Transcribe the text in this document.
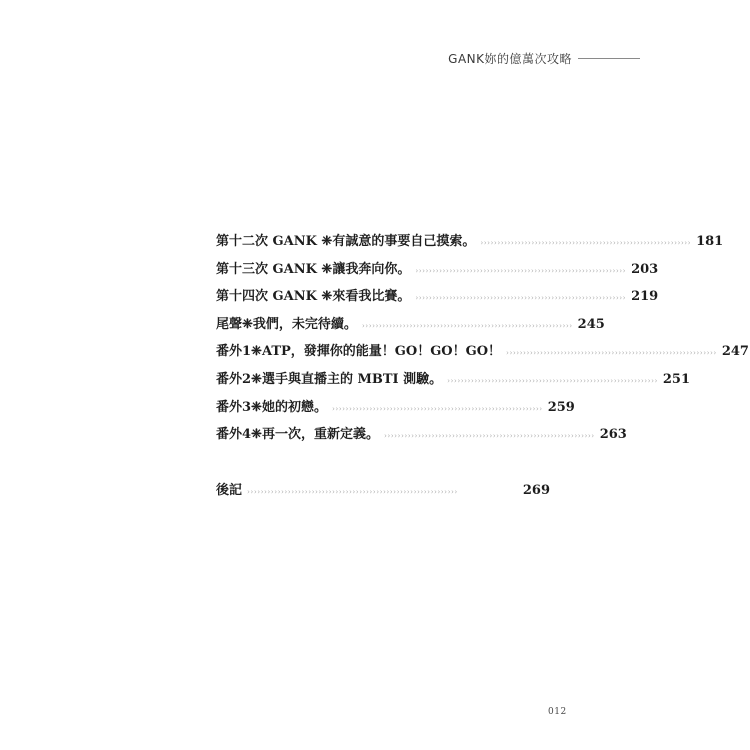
GANK妳的億萬次攻略
第十二次 GANK ❈有誠意的事要自己摸索。 ›››››››››››››››››››››››››››››››››››››››››››››››››››››››››››››› 181
第十三次 GANK ❈讓我奔向你。 ›››››››››››››››››››››››››››››››››››››››››››››››››››››››››››››› 203
第十四次 GANK ❈來看我比賽。 ›››››››››››››››››››››››››››››››››››››››››››››››››››››››››››››› 219
尾聲❈我們，未完待續。 ›››››››››››››››››››››››››››››››››››››››››››››››››››››››››››››› 245
番外1❈ATP，發揮你的能量！GO！GO！GO！ ›››››››››››››››››››››››››››››››››››››››››››››››››››››››››››››› 247
番外2❈選手與直播主的 MBTI 測驗。 ›››››››››››››››››››››››››››››››››››››››››››››››››››››››››››››› 251
番外3❈她的初戀。 ›››››››››››››››››››››››››››››››››››››››››››››››››››››››››››››› 259
番外4❈再一次，重新定義。 ›››››››››››››››››››››››››››››››››››››››››››››››››››››››››››››› 263
後記 ››››››››››››››››››››››››››››››››››››››››››››››››››››››››››››››	269
012
